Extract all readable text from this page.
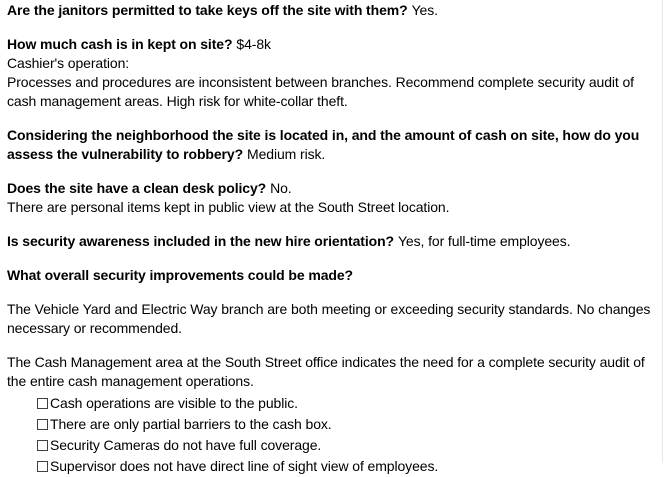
Are the janitors permitted to take keys off the site with them? Yes.
How much cash is in kept on site? $4-8k
Cashier's operation:
Processes and procedures are inconsistent between branches. Recommend complete security audit of
cash management areas. High risk for white-collar theft.
Considering the neighborhood the site is located in, and the amount of cash on site, how do you
assess the vulnerability to robbery? Medium risk.
Does the site have a clean desk policy? No.
There are personal items kept in public view at the South Street location.
Is security awareness included in the new hire orientation? Yes, for full-time employees.
What overall security improvements could be made?
The Vehicle Yard and Electric Way branch are both meeting or exceeding security standards. No changes
necessary or recommended.
The Cash Management area at the South Street office indicates the need for a complete security audit of
the entire cash management operations.
Cash operations are visible to the public.
There are only partial barriers to the cash box.
Security Cameras do not have full coverage.
Supervisor does not have direct line of sight view of employees.
